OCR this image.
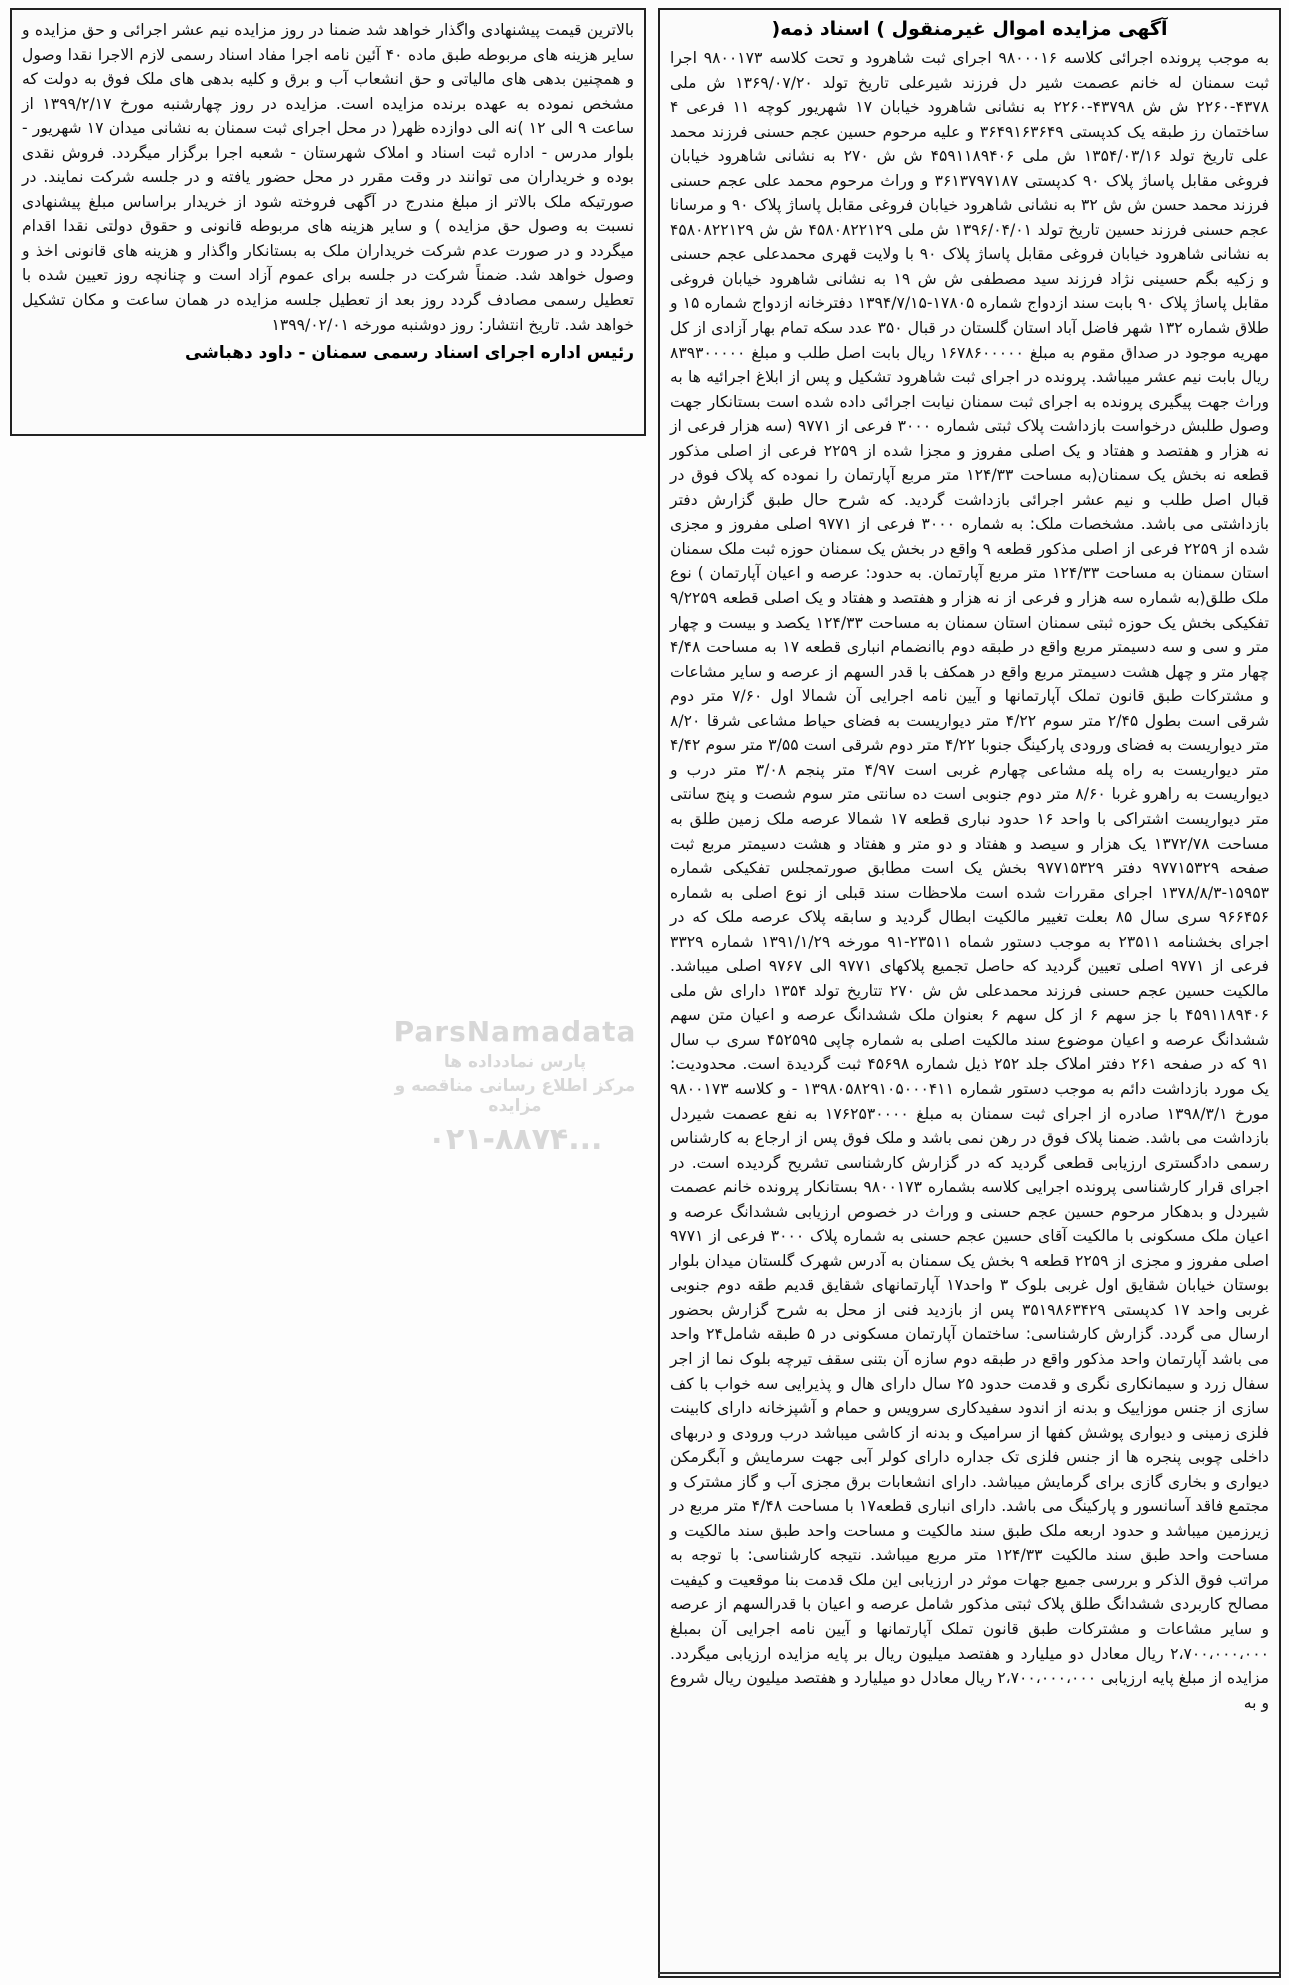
آگهی مزایده اموال غیرمنقول ) اسناد ذمه(
به موجب پرونده اجرائی کلاسه ۹۸۰۰۰۱۶ اجرای ثبت شاهرود و تحت کلاسه ۹۸۰۰۱۷۳ اجرا ثبت سمنان له خانم عصمت شیر دل فرزند شیرعلی تاریخ تولد ۱۳۶۹/۰۷/۲۰ ش ملی ۴۳۷۸-۲۲۶۰ ش ش ۴۳۷۹۸-۲۲۶۰ به نشانی شاهرود خیابان ۱۷ شهریور کوچه ۱۱ فرعی ۴ ساختمان رز طبقه یک کدپستی ۳۶۴۹۱۶۳۶۴۹ و علیه مرحوم حسین عجم حسنی فرزند محمد علی تاریخ تولد ۱۳۵۴/۰۳/۱۶ ش ملی ۴۵۹۱۱۸۹۴۰۶ ش ش ۲۷۰ به نشانی شاهرود خیابان فروغی مقابل پاساژ پلاک ۹۰ کدپستی ۳۶۱۳۷۹۷۱۸۷ و وراث مرحوم محمد علی عجم حسنی فرزند محمد حسن ش ش ۳۲ به نشانی شاهرود خیابان فروغی مقابل پاساژ پلاک ۹۰ و مرسانا عجم حسنی فرزند حسین تاریخ تولد ۱۳۹۶/۰۴/۰۱ ش ملی ۴۵۸۰۸۲۲۱۲۹ ش ش ۴۵۸۰۸۲۲۱۲۹ به نشانی شاهرود خیابان فروغی مقابل پاساژ پلاک ۹۰ با ولایت قهری محمدعلی عجم حسنی و زکیه بگم حسینی نژاد فرزند سید مصطفی ش ش ۱۹ به نشانی شاهرود خیابان فروغی مقابل پاساژ پلاک ۹۰ بابت سند ازدواج شماره ۱۷۸۰۵-۱۳۹۴/۷/۱۵ دفترخانه ازدواج شماره ۱۵ و طلاق شماره ۱۳۲ شهر فاضل آباد استان گلستان در قبال ۳۵۰ عدد سکه تمام بهار آزادی از کل مهریه موجود در صداق مقوم به مبلغ ۱۶۷۸۶۰۰۰۰۰ ریال بابت اصل طلب و مبلغ ۸۳۹۳۰۰۰۰۰ ریال بابت نیم عشر میباشد. پرونده در اجرای ثبت شاهرود تشکیل و پس از ابلاغ اجرائیه ها به وراث جهت پیگیری پرونده به اجرای ثبت سمنان نیابت اجرائی داده شده است بستانکار جهت وصول طلبش درخواست بازداشت پلاک ثبتی شماره ۳۰۰۰ فرعی از ۹۷۷۱ (سه هزار فرعی از نه هزار و هفتصد و هفتاد و یک اصلی مفروز و مجزا شده از ۲۲۵۹ فرعی از اصلی مذکور قطعه نه بخش یک سمنان(به مساحت ۱۲۴/۳۳ متر مربع آپارتمان را نموده که پلاک فوق در قبال اصل طلب و نیم عشر اجرائی بازداشت گردید. که شرح حال طبق گزارش دفتر بازداشتی می باشد. مشخصات ملک: به شماره ۳۰۰۰ فرعی از ۹۷۷۱ اصلی مفروز و مجزی شده از ۲۲۵۹ فرعی از اصلی مذکور قطعه ۹ واقع در بخش یک سمنان حوزه ثبت ملک سمنان استان سمنان به مساحت ۱۲۴/۳۳ متر مربع آپارتمان. به حدود: عرصه و اعیان آپارتمان ) نوع ملک طلق(به شماره سه هزار و فرعی از نه هزار و هفتصد و هفتاد و یک اصلی قطعه ۹/۲۲۵۹ تفکیکی بخش یک حوزه ثبتی سمنان استان سمنان به مساحت ۱۲۴/۳۳ یکصد و بیست و چهار متر و سی و سه دسیمتر مربع واقع در طبقه دوم باانضمام انباری قطعه ۱۷ به مساحت ۴/۴۸ چهار متر و چهل هشت دسیمتر مربع واقع در همکف با قدر السهم از عرصه و سایر مشاعات و مشترکات طبق قانون تملک آپارتمانها و آیین نامه اجرایی آن شمالا اول ۷/۶۰ متر دوم شرقی است بطول ۲/۴۵ متر سوم ۴/۲۲ متر دیواریست به فضای حیاط مشاعی شرقا ۸/۲۰ متر دیواریست به فضای ورودی پارکینگ جنوبا ۴/۲۲ متر دوم شرقی است ۳/۵۵ متر سوم ۴/۴۲ متر دیواریست به راه پله مشاعی چهارم غربی است ۴/۹۷ متر پنجم ۳/۰۸ متر درب و دیواریست به راهرو غربا ۸/۶۰ متر دوم جنوبی است ده سانتی متر سوم شصت و پنج سانتی متر دیواریست اشتراکی با واحد ۱۶ حدود نباری قطعه ۱۷ شمالا عرصه ملک زمین طلق به مساحت ۱۳۷۲/۷۸ یک هزار و سیصد و هفتاد و دو متر و هفتاد و هشت دسیمتر مربع ثبت صفحه ۹۷۷۱۵۳۲۹ دفتر ۹۷۷۱۵۳۲۹ بخش یک است مطابق صورتمجلس تفکیکی شماره ۱۵۹۵۳-۱۳۷۸/۸/۳ اجرای مقررات شده است ملاحظات سند قبلی از نوع اصلی به شماره ۹۶۶۴۵۶ سری سال ۸۵ بعلت تغییر مالکیت ابطال گردید و سابقه پلاک عرصه ملک که در اجرای بخشنامه ۲۳۵۱۱ به موجب دستور شماه ۲۳۵۱۱-۹۱ مورخه ۱۳۹۱/۱/۲۹ شماره ۳۳۲۹ فرعی از ۹۷۷۱ اصلی تعیین گردید که حاصل تجمیع پلاکهای ۹۷۷۱ الی ۹۷۶۷ اصلی میباشد. مالکیت حسین عجم حسنی فرزند محمدعلی ش ش ۲۷۰ تتاریخ تولد ۱۳۵۴ دارای ش ملی ۴۵۹۱۱۸۹۴۰۶ با جز سهم ۶ از کل سهم ۶ بعنوان ملک ششدانگ عرصه و اعیان متن سهم ششدانگ عرصه و اعیان موضوع سند مالکیت اصلی به شماره چاپی ۴۵۲۵۹۵ سری ب سال ۹۱ که در صفحه ۲۶۱ دفتر املاک جلد ۲۵۲ ذیل شماره ۴۵۶۹۸ ثبت گردیدة است. محدودیت: یک مورد بازداشت دائم به موجب دستور شماره ۱۳۹۸۰۵۸۲۹۱۰۵۰۰۰۴۱۱ - و کلاسه ۹۸۰۰۱۷۳ مورخ ۱۳۹۸/۳/۱ صادره از اجرای ثبت سمنان به مبلغ ۱۷۶۲۵۳۰۰۰۰ به نفع عصمت شیردل بازداشت می باشد. ضمنا پلاک فوق در رهن نمی باشد و ملک فوق پس از ارجاع به کارشناس رسمی دادگستری ارزیابی قطعی گردید که در گزارش کارشناسی تشریح گردیده است. در اجرای قرار کارشناسی پرونده اجرایی کلاسه بشماره ۹۸۰۰۱۷۳ بستانکار پرونده خانم عصمت شیردل و بدهکار مرحوم حسین عجم حسنی و وراث در خصوص ارزیابی ششدانگ عرصه و اعیان ملک مسکونی با مالکیت آقای حسین عجم حسنی به شماره پلاک ۳۰۰۰ فرعی از ۹۷۷۱ اصلی مفروز و مجزی از ۲۲۵۹ قطعه ۹ بخش یک سمنان به آدرس شهرک گلستان میدان بلوار بوستان خیابان شقایق اول غربی بلوک ۳ واحد۱۷ آپارتمانهای شقایق قدیم طقه دوم جنوبی غربی واحد ۱۷ کدپستی ۳۵۱۹۸۶۳۴۲۹ پس از بازدید فنی از محل به شرح گزارش بحضور ارسال می گردد. گزارش کارشناسی: ساختمان آپارتمان مسکونی در ۵ طبقه شامل۲۴ واحد می باشد آپارتمان واحد مذکور واقع در طبقه دوم سازه آن بتنی سقف تیرچه بلوک نما از اجر سفال زرد و سیمانکاری نگری و قدمت حدود ۲۵ سال دارای هال و پذیرایی سه خواب با کف سازی از جنس موزاییک و بدنه از اندود سفیدکاری سرویس و حمام و آشپزخانه دارای کابینت فلزی زمینی و دیواری پوشش کفها از سرامیک و بدنه از کاشی میباشد درب ورودی و دربهای داخلی چوبی پنجره ها از جنس فلزی تک جداره دارای کولر آبی جهت سرمایش و آبگرمکن دیواری و بخاری گازی برای گرمایش میباشد. دارای انشعابات برق مجزی آب و گاز مشترک و مجتمع فاقد آسانسور و پارکینگ می باشد. دارای انباری قطعه۱۷ با مساحت ۴/۴۸ متر مربع در زیرزمین میباشد و حدود اربعه ملک طبق سند مالکیت و مساحت واحد طبق سند مالکیت و مساحت واحد طبق سند مالکیت ۱۲۴/۳۳ متر مربع میباشد. نتیجه کارشناسی: با توجه به مراتب فوق الذکر و بررسی جمیع جهات موثر در ارزیابی این ملک قدمت بنا موقعیت و کیفیت مصالح کاربردی ششدانگ طلق پلاک ثبتی مذکور شامل عرصه و اعیان با قدرالسهم از عرصه و سایر مشاعات و مشترکات طبق قانون تملک آپارتمانها و آیین نامه اجرایی آن بمبلغ ۲،۷۰۰،۰۰۰،۰۰۰ ریال معادل دو میلیارد و هفتصد میلیون ریال بر پایه مزایده ارزیابی میگردد. مزایده از مبلغ پایه ارزیابی ۲،۷۰۰،۰۰۰،۰۰۰ ریال معادل دو میلیارد و هفتصد میلیون ریال شروع و به
بالاترین قیمت پیشنهادی واگذار خواهد شد ضمنا در روز مزایده نیم عشر اجرائی و حق مزایده و سایر هزینه های مربوطه طبق ماده ۴۰ آئین نامه اجرا مفاد اسناد رسمی لازم الاجرا نقدا وصول و همچنین بدهی های مالیاتی و حق انشعاب آب و برق و کلیه بدهی های ملک فوق به دولت که مشخص نموده به عهده برنده مزایده است. مزایده در روز چهارشنبه مورخ ۱۳۹۹/۲/۱۷ از ساعت ۹ الی ۱۲ )نه الی دوازده ظهر( در محل اجرای ثبت سمنان به نشانی میدان ۱۷ شهریور - بلوار مدرس - اداره ثبت اسناد و املاک شهرستان - شعبه اجرا برگزار میگردد. فروش نقدی بوده و خریداران می توانند در وقت مقرر در محل حضور یافته و در جلسه شرکت نمایند. در صورتیکه ملک بالاتر از مبلغ مندرج در آگهی فروخته شود از خریدار براساس مبلغ پیشنهادی نسبت به وصول حق مزایده ) و سایر هزینه های مربوطه قانونی و حقوق دولتی نقدا اقدام میگردد و در صورت عدم شرکت خریداران ملک به بستانکار واگذار و هزینه های قانونی اخذ و وصول خواهد شد. ضمناً شرکت در جلسه برای عموم آزاد است و چنانچه روز تعیین شده با تعطیل رسمی مصادف گردد روز بعد از تعطیل جلسه مزایده در همان ساعت و مکان تشکیل خواهد شد. تاریخ انتشار: روز دوشنبه مورخه ۱۳۹۹/۰۲/۰۱
رئیس اداره اجرای اسناد رسمی سمنان - داود دهباشی
ParsNamadata
پارس نمادداده ها
مرکز اطلاع رسانی مناقصه و مزایده
۰۲۱-۸۸۷۴...
